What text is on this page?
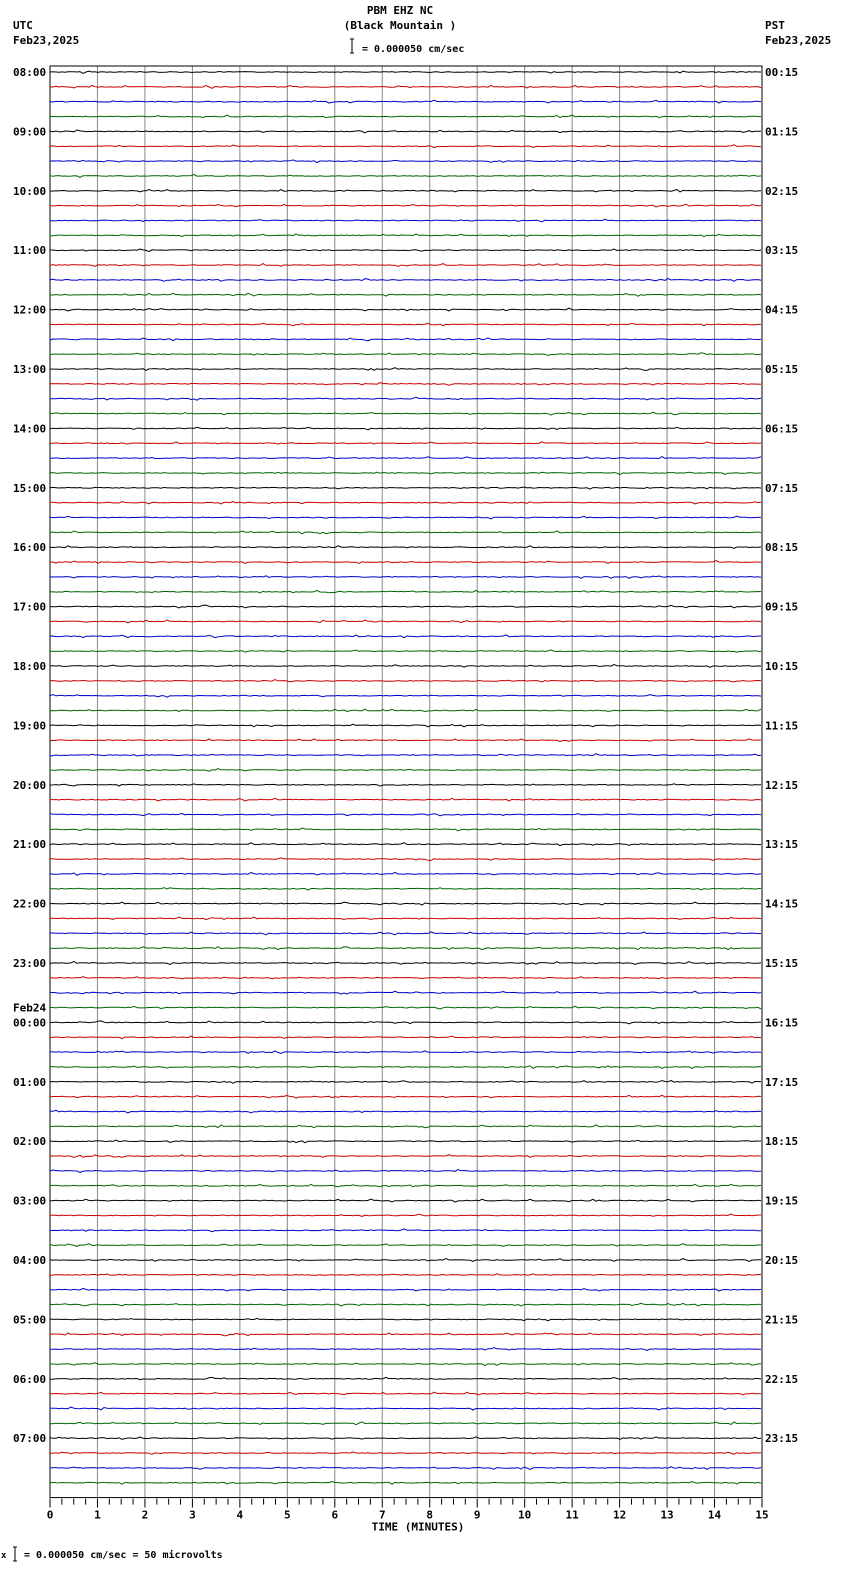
PBM EHZ NC
(Black Mountain )
= 0.000050 cm/sec
UTC
Feb23,2025
PST
Feb23,2025
x = 0.000050 cm/sec = 50 microvolts
08:00
09:00
10:00
11:00
12:00
13:00
14:00
15:00
16:00
17:00
18:00
19:00
20:00
21:00
22:00
23:00
00:00
01:00
02:00
03:00
04:00
05:00
06:00
07:00
00:15
01:15
02:15
03:15
04:15
05:15
06:15
07:15
08:15
09:15
10:15
11:15
12:15
13:15
14:15
15:15
16:15
17:15
18:15
19:15
20:15
21:15
22:15
23:15
Feb24
0	1	2	3	4	5	6	7	8	9	10	11	12	13	14	15
TIME (MINUTES)
